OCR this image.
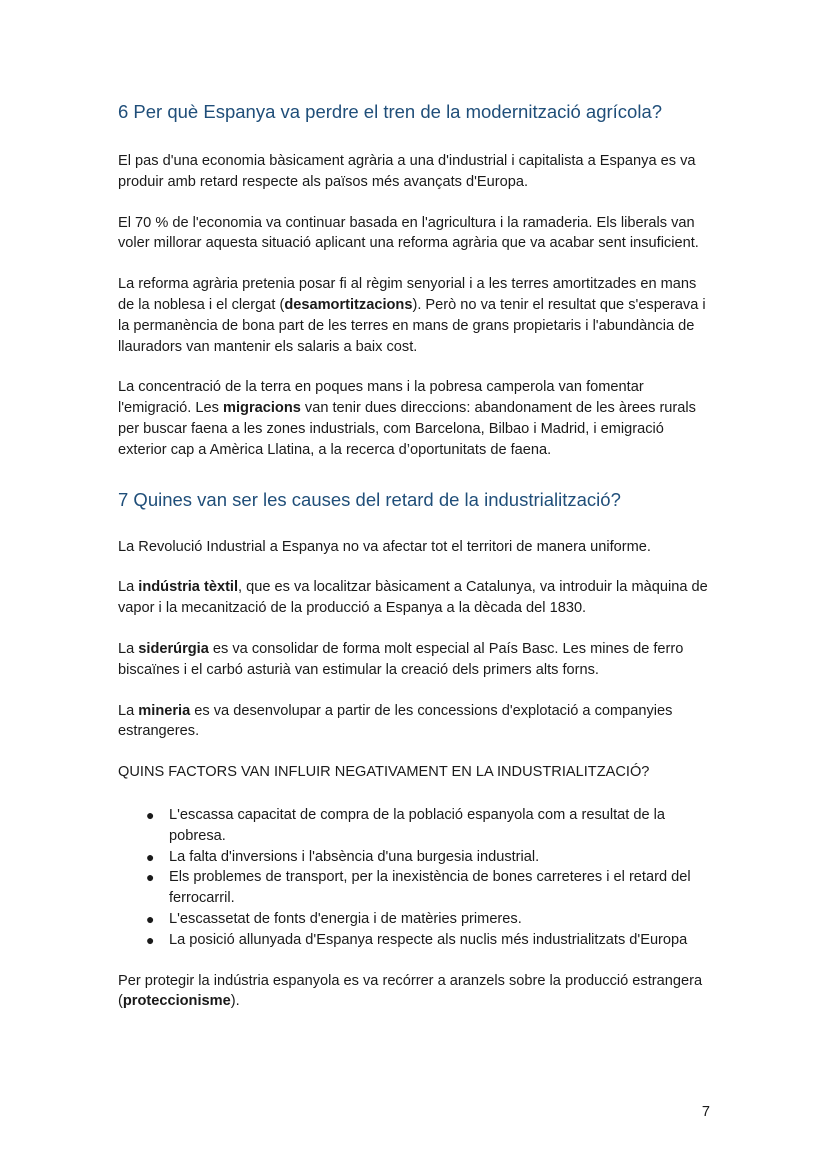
6 Per què Espanya va perdre el tren de la modernització agrícola?

El pas d'una economia bàsicament agrària a una d'industrial i capitalista a Espanya es va produir amb retard respecte als països més avançats d'Europa.

El 70 % de l'economia va continuar basada en l'agricultura i la ramaderia. Els liberals van voler millorar aquesta situació aplicant una reforma agrària que va acabar sent insuficient.

La reforma agrària pretenia posar fi al règim senyorial i a les terres amortitzades en mans de la noblesa i el clergat (desamortitzacions). Però no va tenir el resultat que s'esperava i la permanència de bona part de les terres en mans de grans propietaris i l'abundància de llauradors van mantenir els salaris a baix cost.

La concentració de la terra en poques mans i la pobresa camperola van fomentar l'emigració. Les migracions van tenir dues direccions: abandonament de les àrees rurals per buscar faena a les zones industrials, com Barcelona, Bilbao i Madrid, i emigració exterior cap a Amèrica Llatina, a la recerca d’oportunitats de faena.

7 Quines van ser les causes del retard de la industrialització?

La Revolució Industrial a Espanya no va afectar tot el territori de manera uniforme.

La indústria tèxtil, que es va localitzar bàsicament a Catalunya, va introduir la màquina de vapor i la mecanització de la producció a Espanya a la dècada del 1830.

La siderúrgia es va consolidar de forma molt especial al País Basc. Les mines de ferro biscaïnes i el carbó asturià van estimular la creació dels primers alts forns.

La mineria es va desenvolupar a partir de les concessions d'explotació a companyies estrangeres.

QUINS FACTORS VAN INFLUIR NEGATIVAMENT EN LA INDUSTRIALITZACIÓ?

● L'escassa capacitat de compra de la població espanyola com a resultat de la pobresa.
● La falta d'inversions i l'absència d'una burgesia industrial.
● Els problemes de transport, per la inexistència de bones carreteres i el retard del ferrocarril.
● L'escassetat de fonts d'energia i de matèries primeres.
● La posició allunyada d'Espanya respecte als nuclis més industrialitzats d'Europa

Per protegir la indústria espanyola es va recórrer a aranzels sobre la producció estrangera (proteccionisme).

7
